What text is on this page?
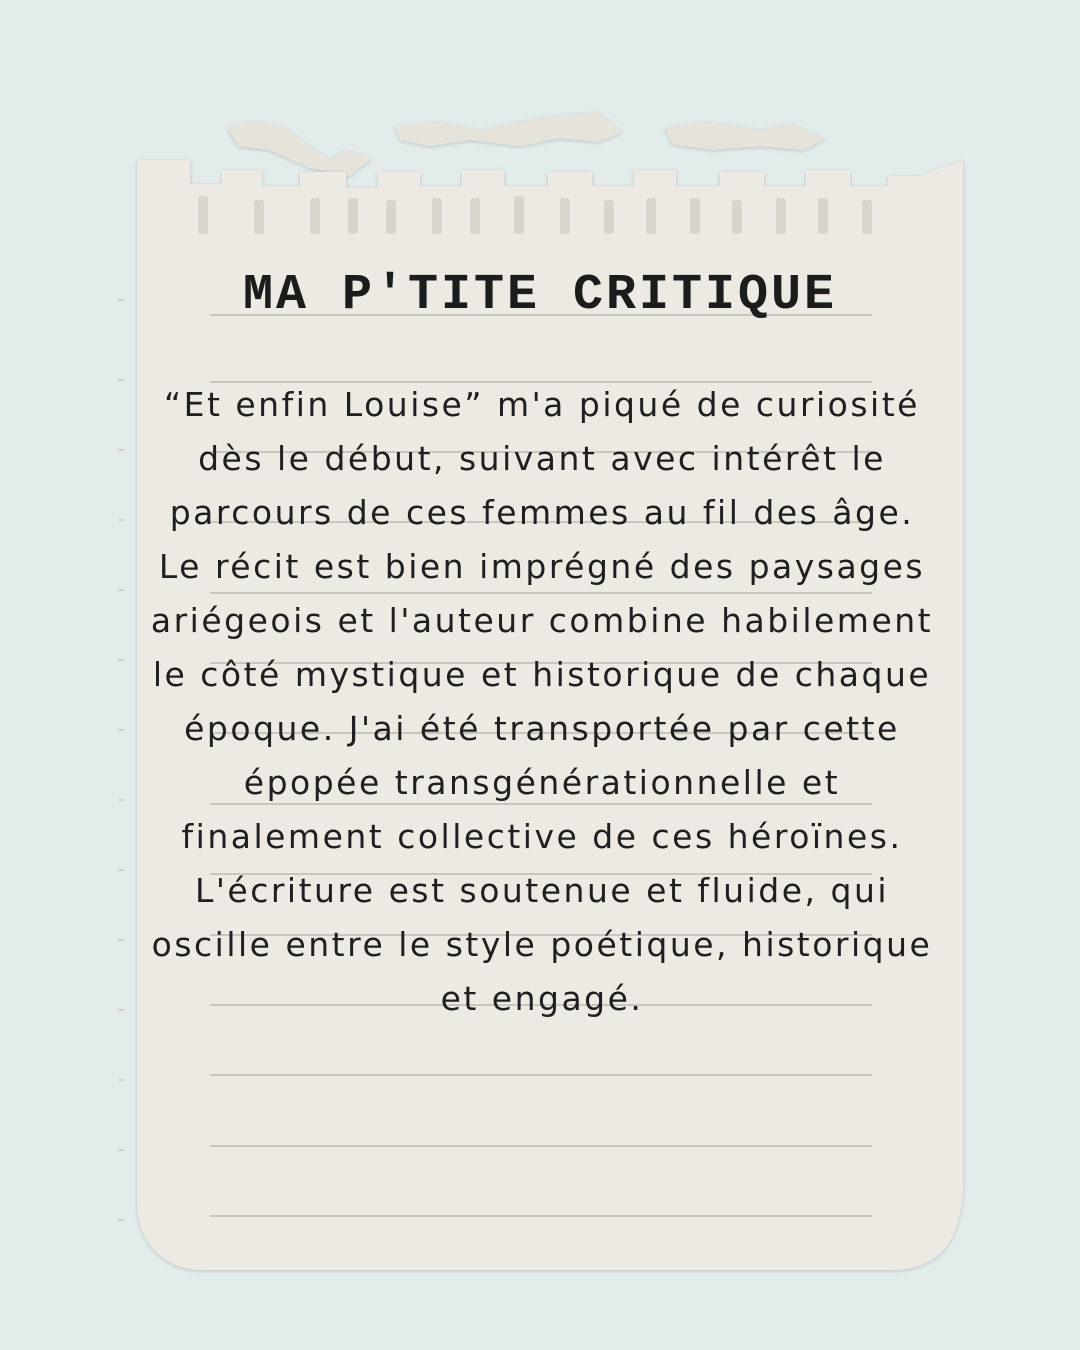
MA P'TITE CRITIQUE

“Et enfin Louise” m'a piqué de curiosité dès le début, suivant avec intérêt le parcours de ces femmes au fil des âge. Le récit est bien imprégné des paysages ariégeois et l'auteur combine habilement le côté mystique et historique de chaque époque. J'ai été transportée par cette épopée transgénérationnelle et finalement collective de ces héroïnes. L'écriture est soutenue et fluide, qui oscille entre le style poétique, historique et engagé.
